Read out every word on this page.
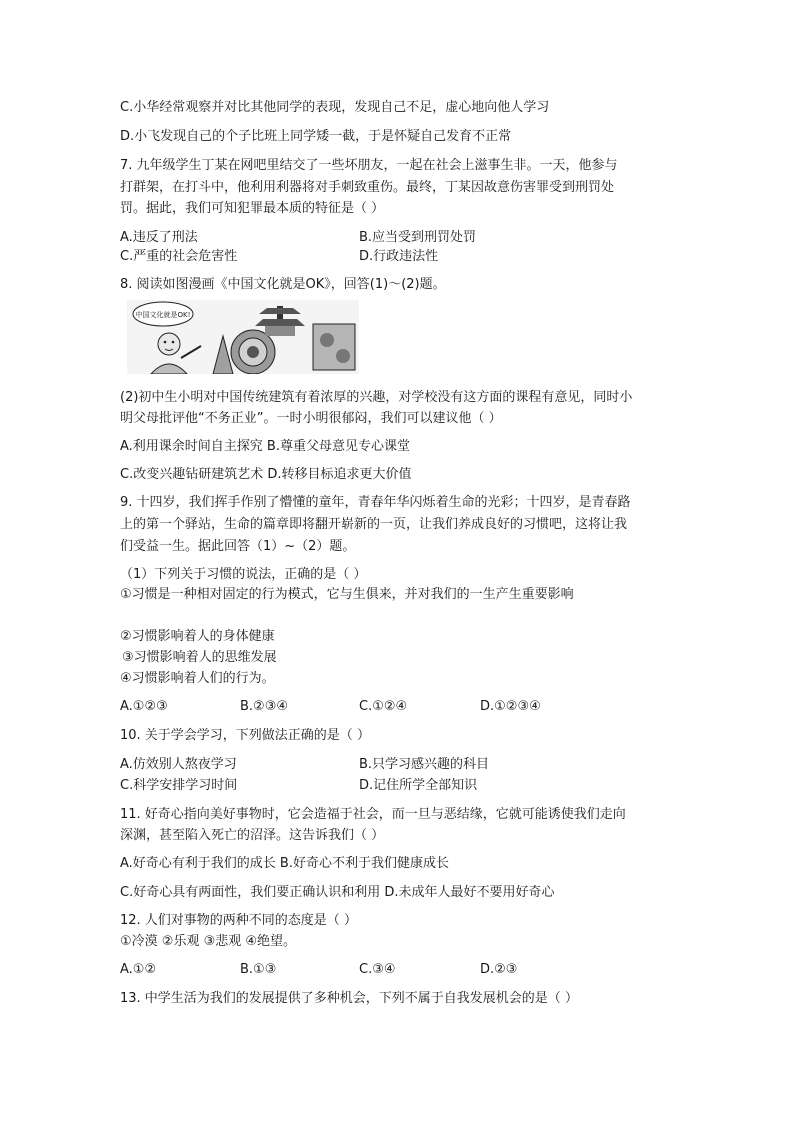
C.小华经常观察并对比其他同学的表现，发现自己不足，虚心地向他人学习
D.小飞发现自己的个子比班上同学矮一截，于是怀疑自己发育不正常
7. 九年级学生丁某在网吧里结交了一些坏朋友，一起在社会上滋事生非。一天，他参与
打群架，在打斗中，他利用利器将对手刺致重伤。最终，丁某因故意伤害罪受到刑罚处
罚。据此，我们可知犯罪最本质的特征是（ ）
A.违反了刑法	B.应当受到刑罚处罚
C.严重的社会危害性	D.行政违法性
8. 阅读如图漫画《中国文化就是OK》，回答(1)～(2)题。
中国文化就是OK!
(2)初中生小明对中国传统建筑有着浓厚的兴趣，对学校没有这方面的课程有意见，同时小
明父母批评他“不务正业”。一时小明很郁闷，我们可以建议他（ ）
A.利用课余时间自主探究 B.尊重父母意见专心课堂
C.改变兴趣钻研建筑艺术 D.转移目标追求更大价值
9. 十四岁，我们挥手作别了懵懂的童年，青春年华闪烁着生命的光彩；十四岁，是青春路
上的第一个驿站，生命的篇章即将翻开崭新的一页，让我们养成良好的习惯吧，这将让我
们受益一生。据此回答（1）~（2）题。
（1）下列关于习惯的说法，正确的是（ ）
①习惯是一种相对固定的行为模式，它与生俱来，并对我们的一生产生重要影响
②习惯影响着人的身体健康
③习惯影响着人的思维发展
④习惯影响着人们的行为。
A.①②③	B.②③④	C.①②④	D.①②③④
10. 关于学会学习，下列做法正确的是（ ）
A.仿效别人熬夜学习	B.只学习感兴趣的科目
C.科学安排学习时间	D.记住所学全部知识
11. 好奇心指向美好事物时，它会造福于社会，而一旦与恶结缘，它就可能诱使我们走向
深渊，甚至陷入死亡的沼泽。这告诉我们（ ）
A.好奇心有利于我们的成长 B.好奇心不利于我们健康成长
C.好奇心具有两面性，我们要正确认识和利用 D.未成年人最好不要用好奇心
12. 人们对事物的两种不同的态度是（ ）
①冷漠 ②乐观 ③悲观 ④绝望。
A.①②	B.①③	C.③④	D.②③
13. 中学生活为我们的发展提供了多种机会，下列不属于自我发展机会的是（ ）
